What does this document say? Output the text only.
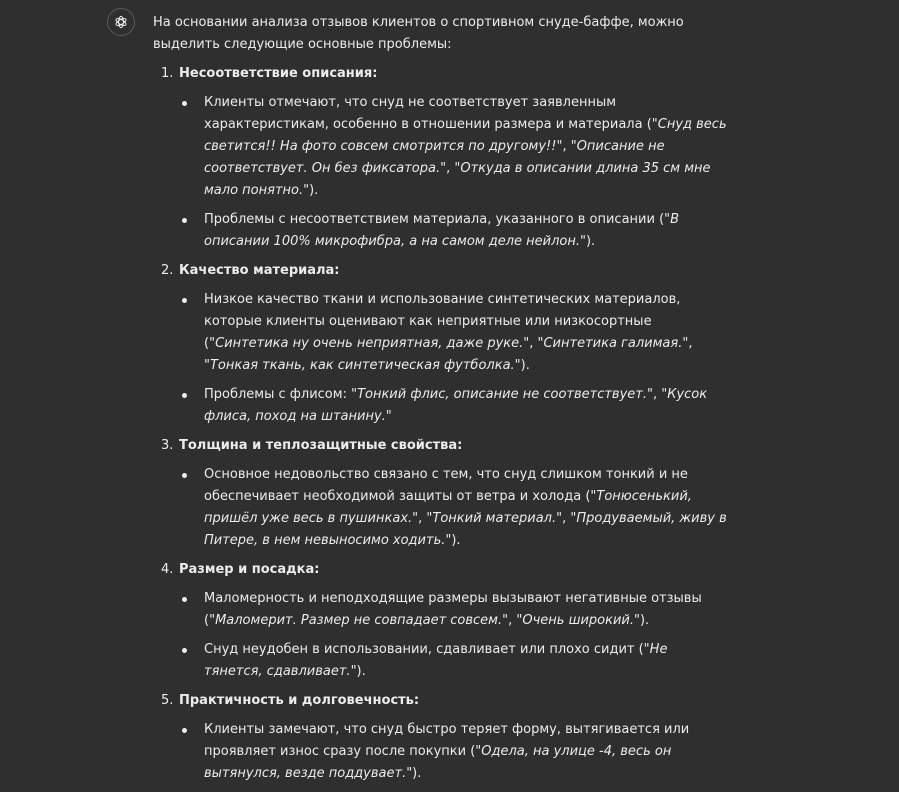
На основании анализа отзывов клиентов о спортивном снуде-баффе, можно выделить следующие основные проблемы:

1. Несоответствие описания:
Клиенты отмечают, что снуд не соответствует заявленным характеристикам, особенно в отношении размера и материала ("Снуд весь светится!! На фото совсем смотрится по другому!!", "Описание не соответствует. Он без фиксатора.", "Откуда в описании длина 35 см мне мало понятно.").
Проблемы с несоответствием материала, указанного в описании ("В описании 100% микрофибра, а на самом деле нейлон.").
2. Качество материала:
Низкое качество ткани и использование синтетических материалов, которые клиенты оценивают как неприятные или низкосортные ("Синтетика ну очень неприятная, даже руке.", "Синтетика галимая.", "Тонкая ткань, как синтетическая футболка.").
Проблемы с флисом: "Тонкий флис, описание не соответствует.", "Кусок флиса, поход на штанину."
3. Толщина и теплозащитные свойства:
Основное недовольство связано с тем, что снуд слишком тонкий и не обеспечивает необходимой защиты от ветра и холода ("Тонюсенький, пришёл уже весь в пушинках.", "Тонкий материал.", "Продуваемый, живу в Питере, в нем невыносимо ходить.").
4. Размер и посадка:
Маломерность и неподходящие размеры вызывают негативные отзывы ("Маломерит. Размер не совпадает совсем.", "Очень широкий.").
Снуд неудобен в использовании, сдавливает или плохо сидит ("Не тянется, сдавливает.").
5. Практичность и долговечность:
Клиенты замечают, что снуд быстро теряет форму, вытягивается или проявляет износ сразу после покупки ("Одела, на улице -4, весь он вытянулся, везде поддувает.").
